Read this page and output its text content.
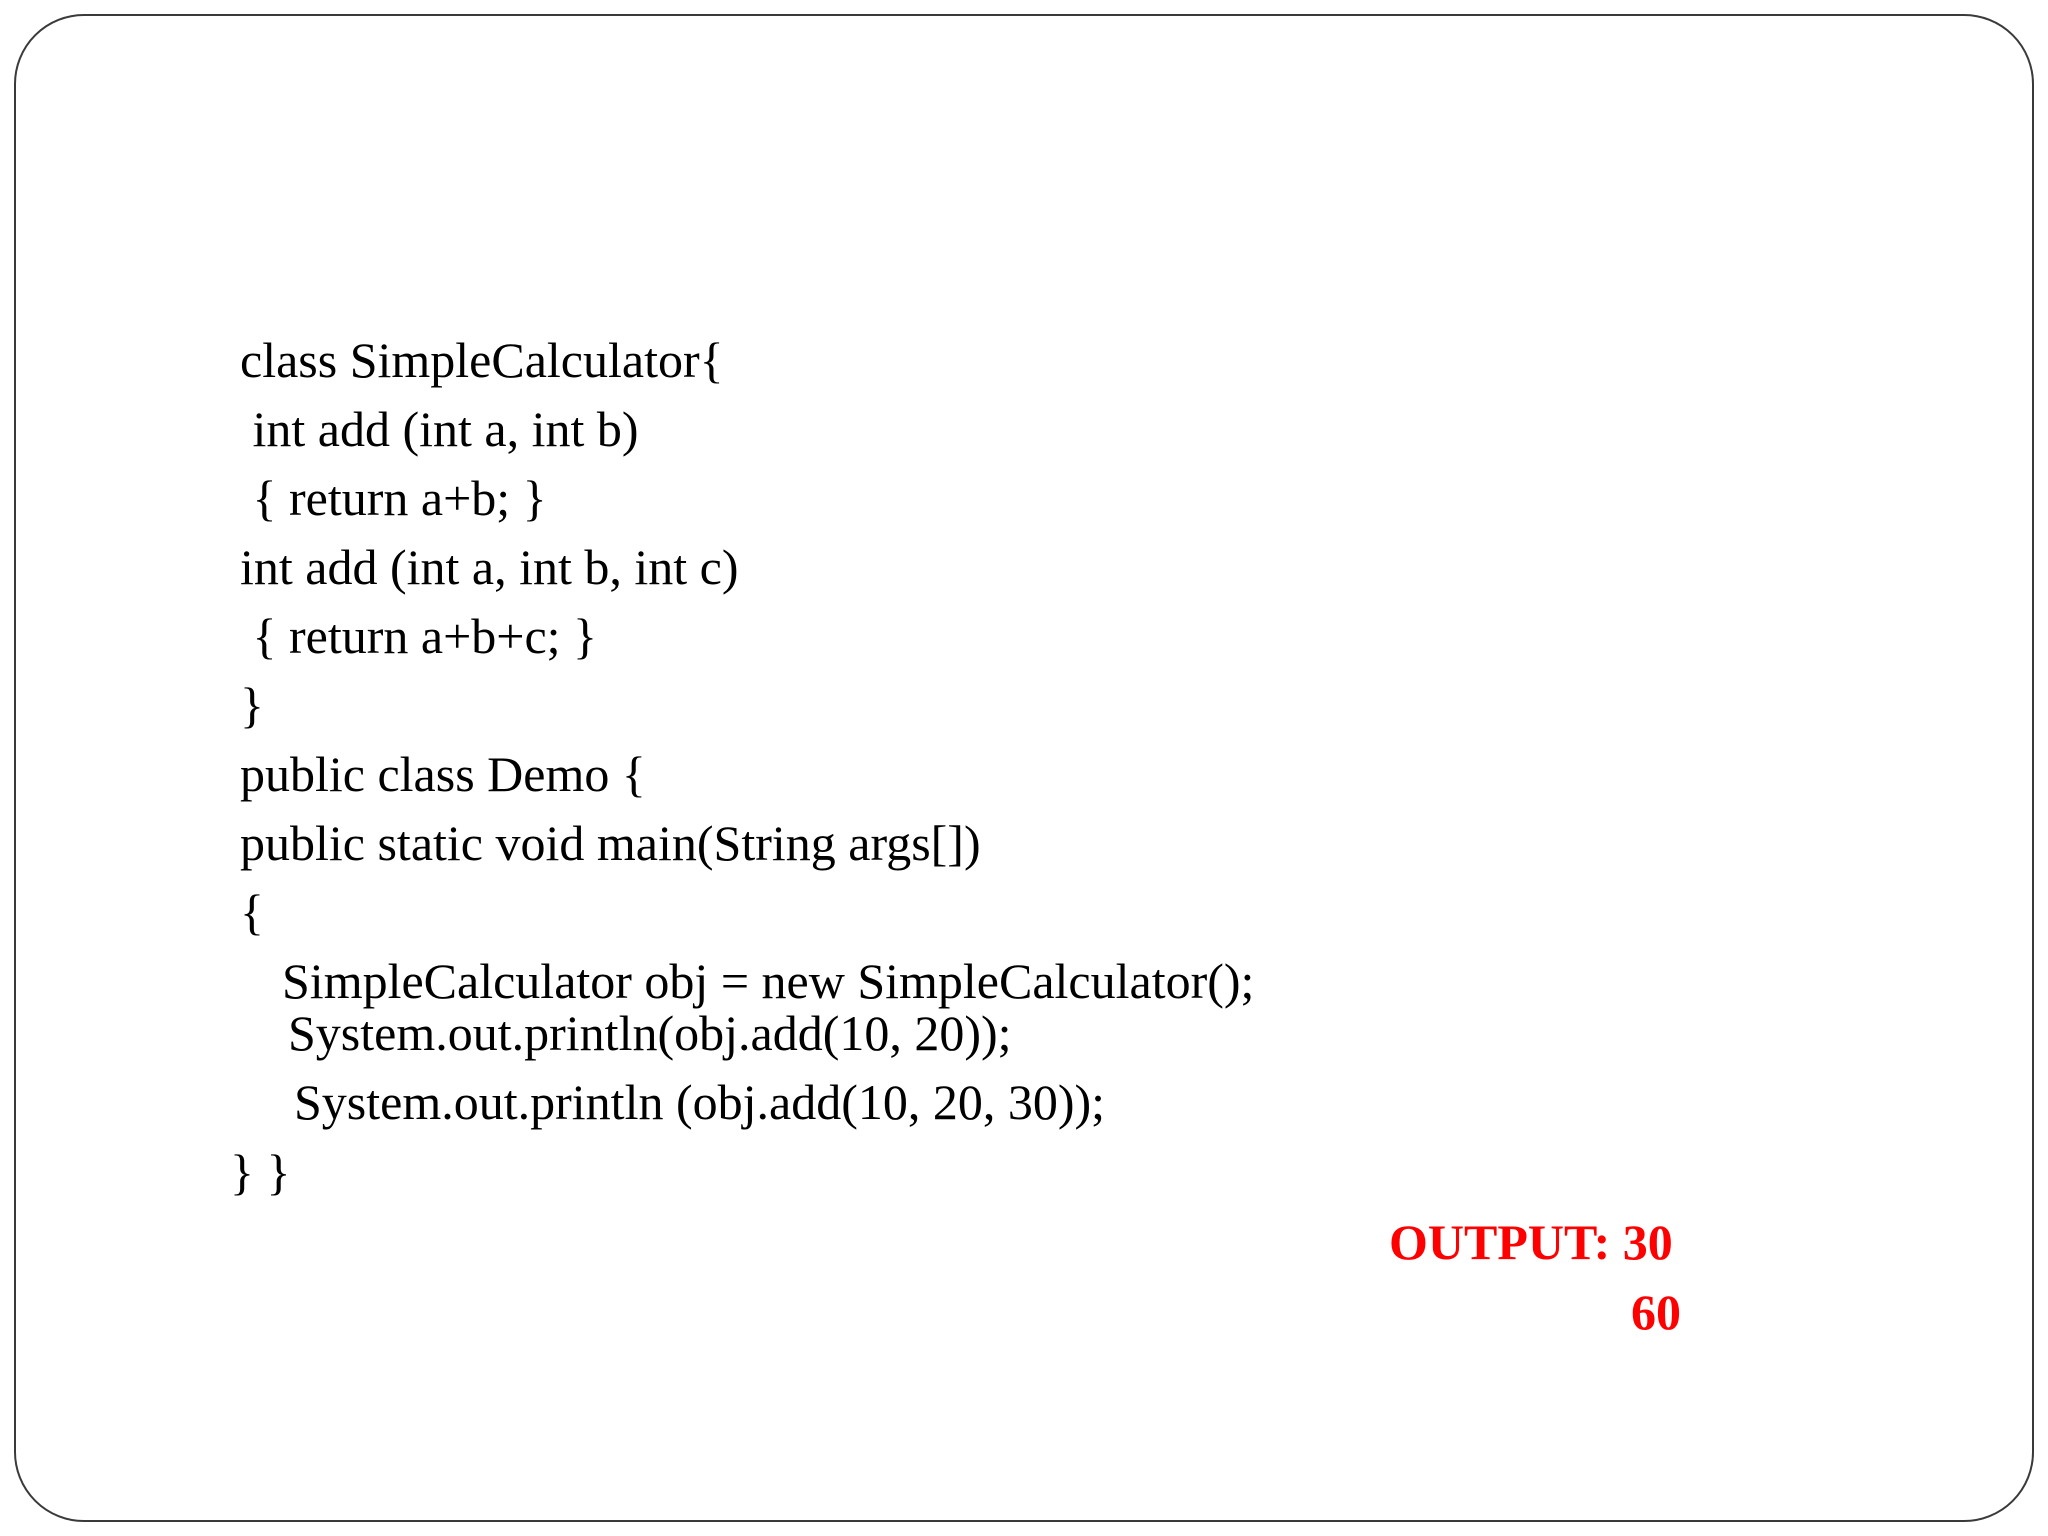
class SimpleCalculator{

int add (int a, int b)

{ return a+b; }

int add (int a, int b, int c)

{ return a+b+c; }

}

public class Demo {

public static void main(String args[])

{

SimpleCalculator obj = new SimpleCalculator();

System.out.println(obj.add(10, 20));

System.out.println (obj.add(10, 20, 30));

} }

OUTPUT: 30

60
